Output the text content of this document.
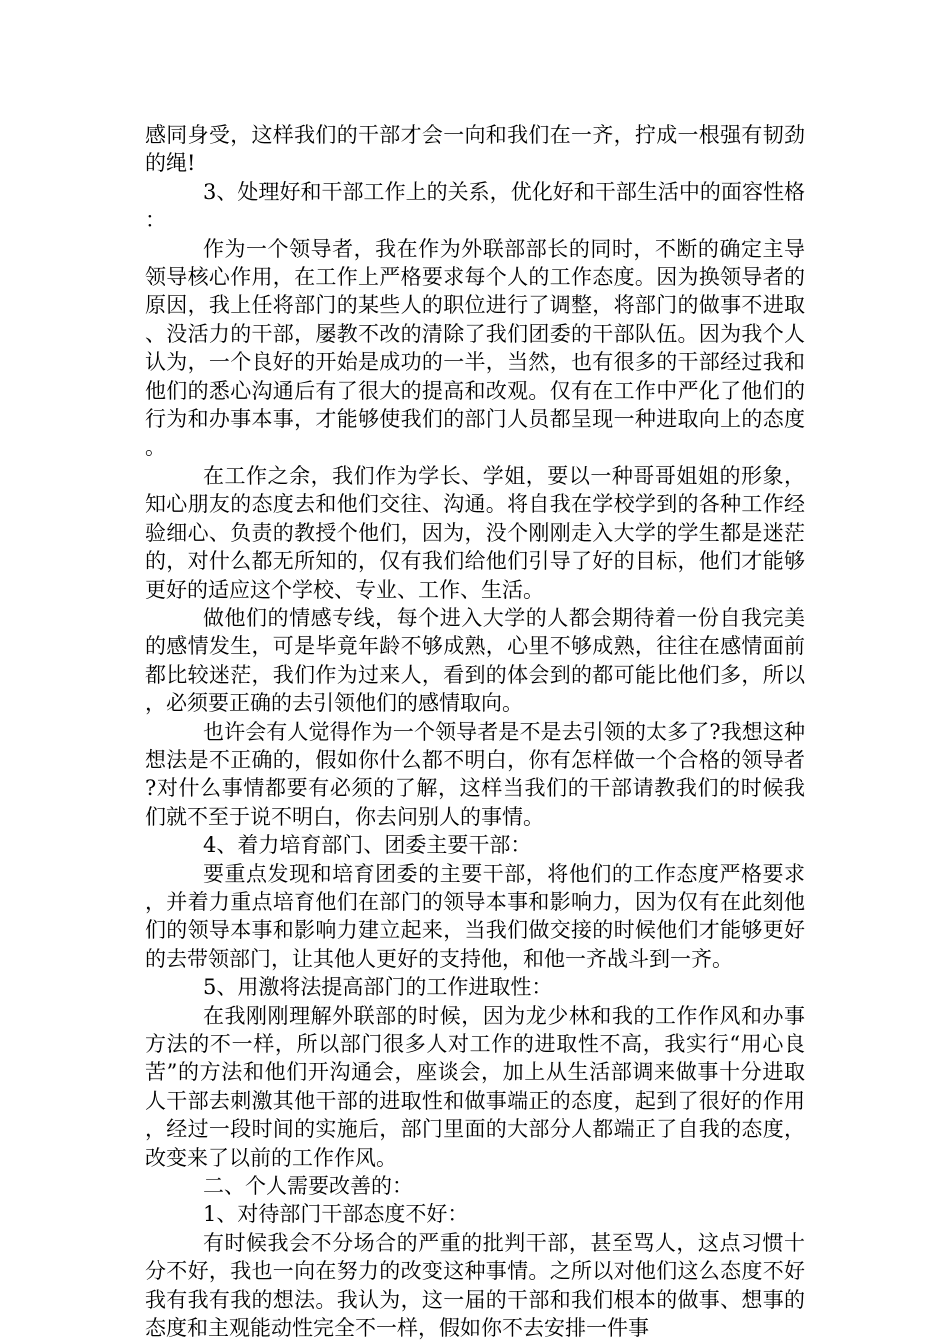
感同身受，这样我们的干部才会一向和我们在一齐，拧成一根强有韧劲的绳!

3、处理好和干部工作上的关系，优化好和干部生活中的面容性格：

作为一个领导者，我在作为外联部部长的同时，不断的确定主导领导核心作用，在工作上严格要求每个人的工作态度。因为换领导者的原因，我上任将部门的某些人的职位进行了调整，将部门的做事不进取、没活力的干部，屡教不改的清除了我们团委的干部队伍。因为我个人认为，一个良好的开始是成功的一半，当然，也有很多的干部经过我和他们的悉心沟通后有了很大的提高和改观。仅有在工作中严化了他们的行为和办事本事，才能够使我们的部门人员都呈现一种进取向上的态度。

在工作之余，我们作为学长、学姐，要以一种哥哥姐姐的形象，知心朋友的态度去和他们交往、沟通。将自我在学校学到的各种工作经验细心、负责的教授个他们，因为，没个刚刚走入大学的学生都是迷茫的，对什么都无所知的，仅有我们给他们引导了好的目标，他们才能够更好的适应这个学校、专业、工作、生活。

做他们的情感专线，每个进入大学的人都会期待着一份自我完美的感情发生，可是毕竟年龄不够成熟，心里不够成熟，往往在感情面前都比较迷茫，我们作为过来人，看到的体会到的都可能比他们多，所以，必须要正确的去引领他们的感情取向。

也许会有人觉得作为一个领导者是不是去引领的太多了?我想这种想法是不正确的，假如你什么都不明白，你有怎样做一个合格的领导者?对什么事情都要有必须的了解，这样当我们的干部请教我们的时候我们就不至于说不明白，你去问别人的事情。

4、着力培育部门、团委主要干部：

要重点发现和培育团委的主要干部，将他们的工作态度严格要求，并着力重点培育他们在部门的领导本事和影响力，因为仅有在此刻他们的领导本事和影响力建立起来，当我们做交接的时候他们才能够更好的去带领部门，让其他人更好的支持他，和他一齐战斗到一齐。

5、用激将法提高部门的工作进取性：

在我刚刚理解外联部的时候，因为龙少林和我的工作作风和办事方法的不一样，所以部门很多人对工作的进取性不高，我实行“用心良苦”的方法和他们开沟通会，座谈会，加上从生活部调来做事十分进取人干部去刺激其他干部的进取性和做事端正的态度，起到了很好的作用，经过一段时间的实施后，部门里面的大部分人都端正了自我的态度，改变来了以前的工作作风。

二、个人需要改善的：

1、对待部门干部态度不好：

有时候我会不分场合的严重的批判干部，甚至骂人，这点习惯十分不好，我也一向在努力的改变这种事情。之所以对他们这么态度不好我有我有我的想法。我认为，这一届的干部和我们根本的做事、想事的态度和主观能动性完全不一样，假如你不去安排一件事
